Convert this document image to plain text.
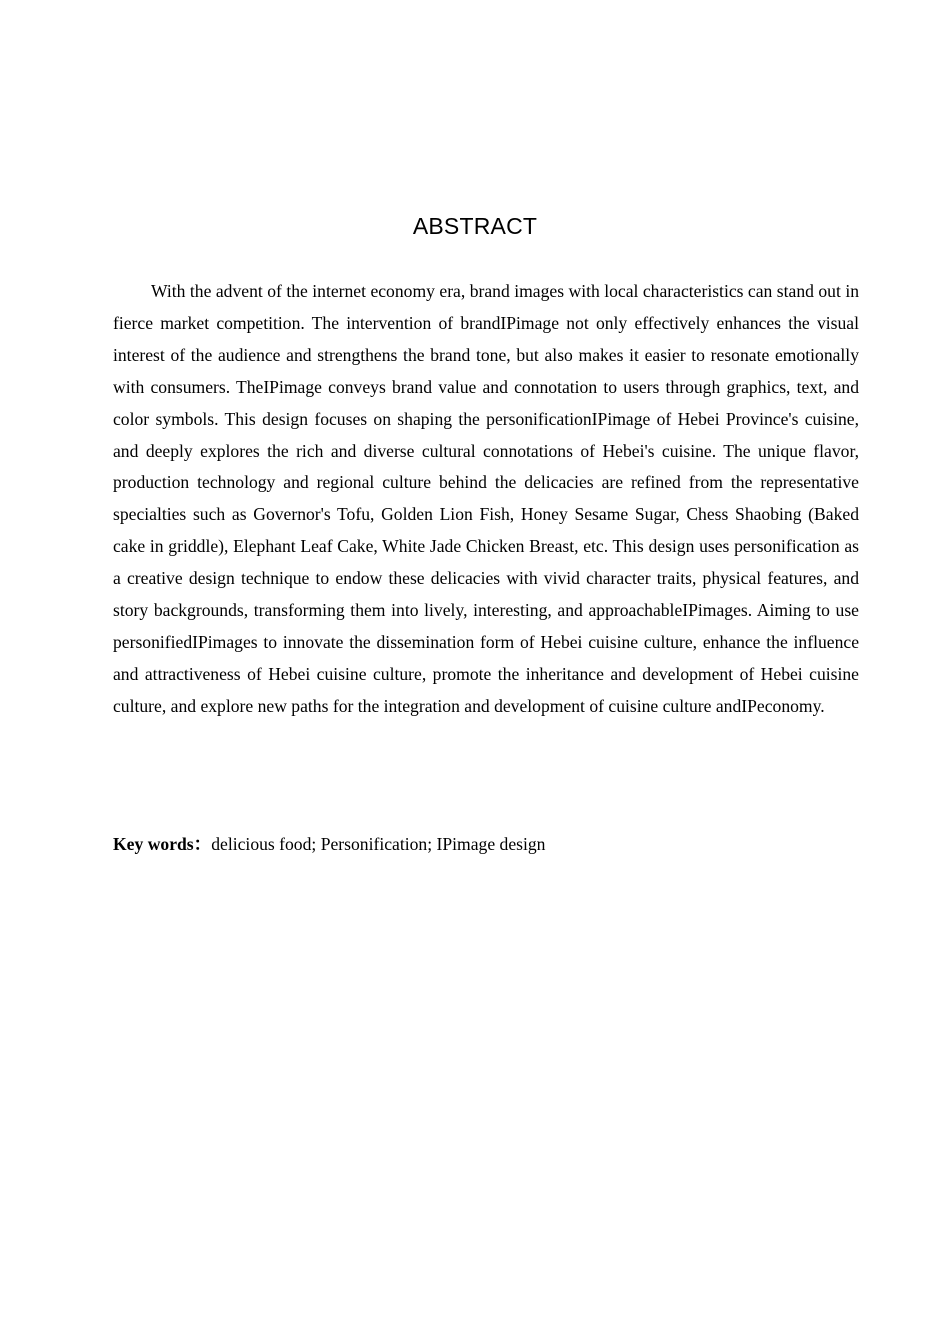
ABSTRACT

With the advent of the internet economy era, brand images with local characteristics can stand out in fierce market competition. The intervention of brandIPimage not only effectively enhances the visual interest of the audience and strengthens the brand tone, but also makes it easier to resonate emotionally with consumers. TheIPimage conveys brand value and connotation to users through graphics, text, and color symbols. This design focuses on shaping the personificationIPimage of Hebei Province's cuisine, and deeply explores the rich and diverse cultural connotations of Hebei's cuisine. The unique flavor, production technology and regional culture behind the delicacies are refined from the representative specialties such as Governor's Tofu, Golden Lion Fish, Honey Sesame Sugar, Chess Shaobing (Baked cake in griddle), Elephant Leaf Cake, White Jade Chicken Breast, etc. This design uses personification as a creative design technique to endow these delicacies with vivid character traits, physical features, and story backgrounds, transforming them into lively, interesting, and approachableIPimages. Aiming to use personifiedIPimages to innovate the dissemination form of Hebei cuisine culture, enhance the influence and attractiveness of Hebei cuisine culture, promote the inheritance and development of Hebei cuisine culture, and explore new paths for the integration and development of cuisine culture andIPeconomy.

Key words：delicious food; Personification; IPimage design
